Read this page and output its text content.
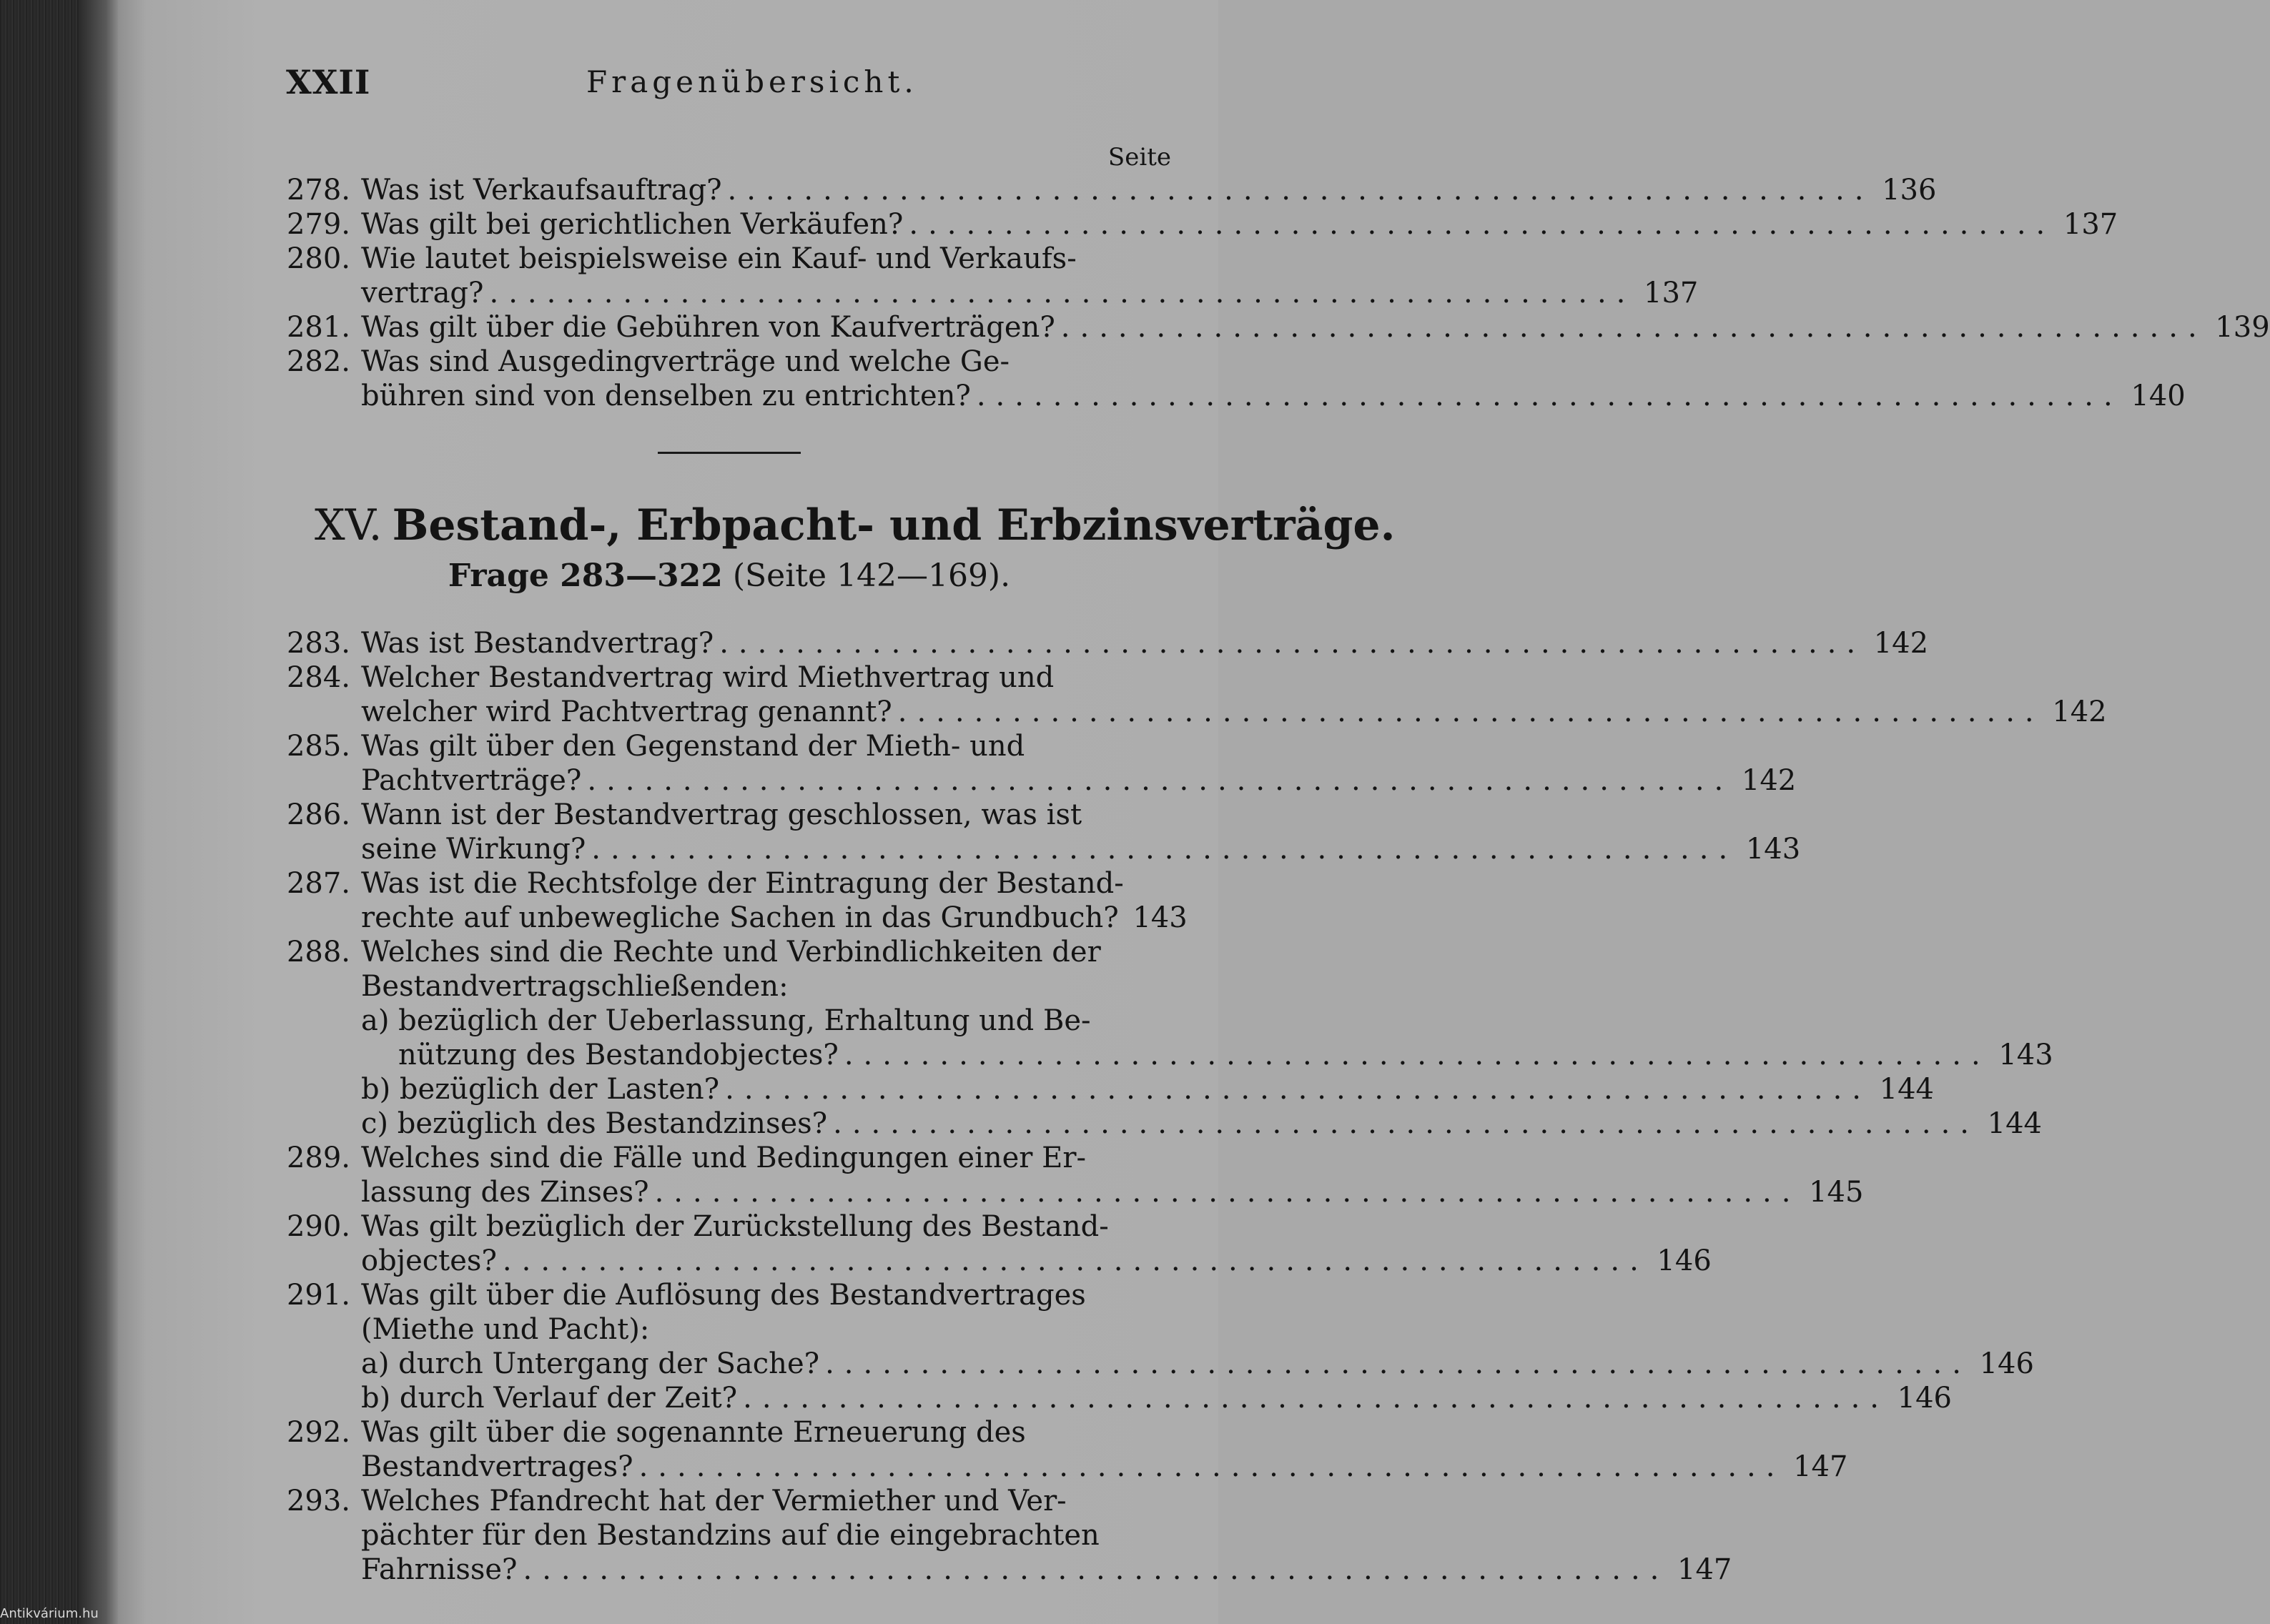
XXII	Fragenübersicht.
Seite
278. Was ist Verkaufsauftrag? ............................................................ 136
279. Was gilt bei gerichtlichen Verkäufen? ............................................................ 137
280. Wie lautet beispielsweise ein Kauf- und Verkaufs-
vertrag? ............................................................ 137
281. Was gilt über die Gebühren von Kaufverträgen? ............................................................ 139
282. Was sind Ausgedingverträge und welche Ge-
bühren sind von denselben zu entrichten? ............................................................ 140
XV. Bestand-, Erbpacht- und Erbzinsverträge.
Frage 283—322 (Seite 142—169).
283. Was ist Bestandvertrag? ............................................................ 142
284. Welcher Bestandvertrag wird Miethvertrag und
welcher wird Pachtvertrag genannt? ............................................................ 142
285. Was gilt über den Gegenstand der Mieth- und
Pachtverträge? ............................................................ 142
286. Wann ist der Bestandvertrag geschlossen, was ist
seine Wirkung? ............................................................ 143
287. Was ist die Rechtsfolge der Eintragung der Bestand-
rechte auf unbewegliche Sachen in das Grundbuch? 143
288. Welches sind die Rechte und Verbindlichkeiten der
Bestandvertragschließenden:
a) bezüglich der Ueberlassung, Erhaltung und Be-
nützung des Bestandobjectes? ............................................................ 143
b) bezüglich der Lasten? ............................................................ 144
c) bezüglich des Bestandzinses? ............................................................ 144
289. Welches sind die Fälle und Bedingungen einer Er-
lassung des Zinses? ............................................................ 145
290. Was gilt bezüglich der Zurückstellung des Bestand-
objectes? ............................................................ 146
291. Was gilt über die Auflösung des Bestandvertrages
(Miethe und Pacht):
a) durch Untergang der Sache? ............................................................ 146
b) durch Verlauf der Zeit? ............................................................ 146
292. Was gilt über die sogenannte Erneuerung des
Bestandvertrages? ............................................................ 147
293. Welches Pfandrecht hat der Vermiether und Ver-
pächter für den Bestandzins auf die eingebrachten
Fahrnisse? ............................................................ 147
Antikvárium.hu
